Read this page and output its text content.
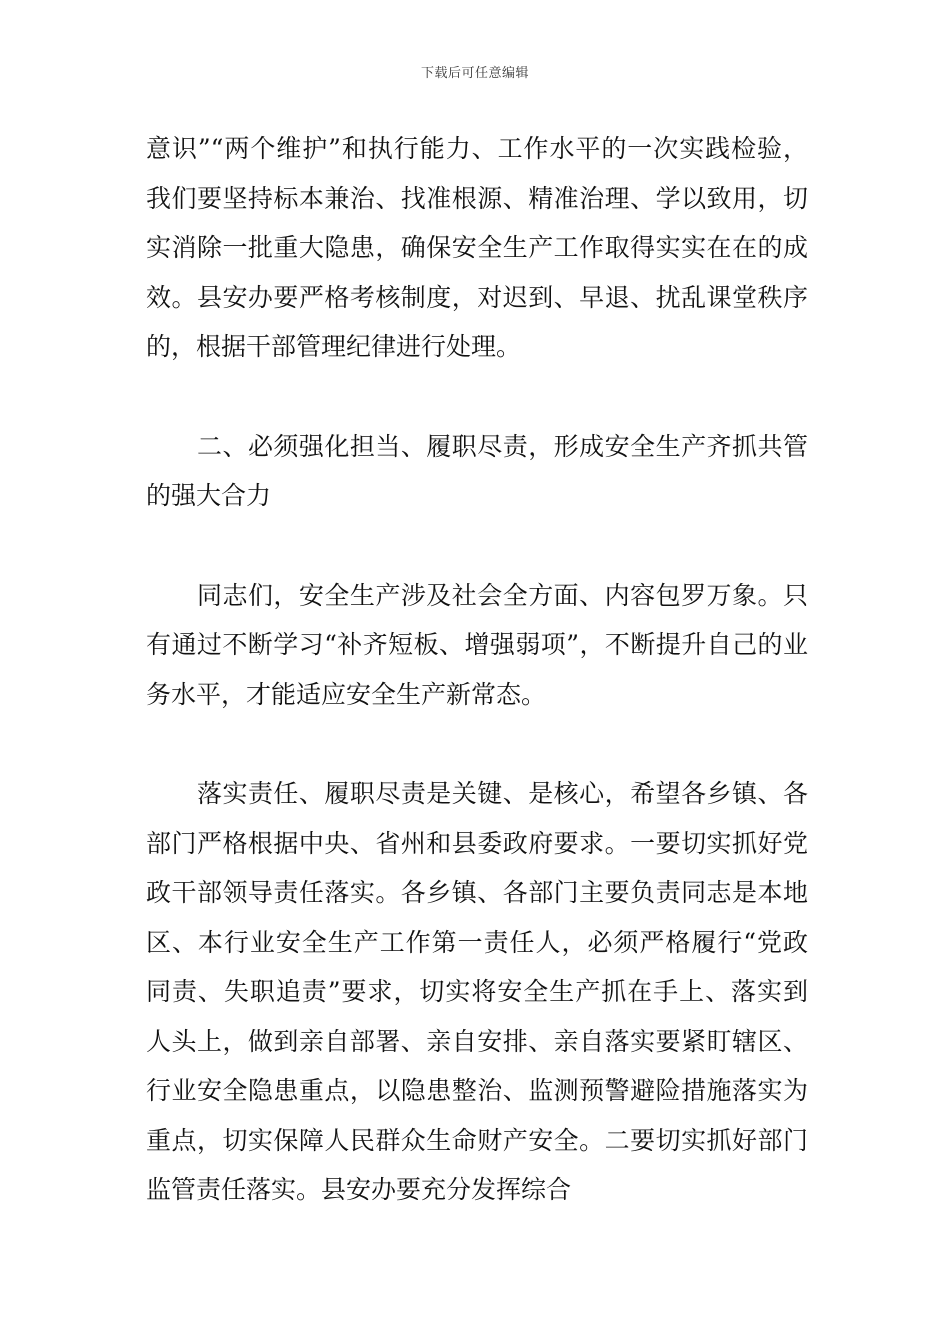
下载后可任意编辑

意识”“两个维护”和执行能力、工作水平的一次实践检验，我们要坚持标本兼治、找准根源、精准治理、学以致用，切实消除一批重大隐患，确保安全生产工作取得实实在在的成效。县安办要严格考核制度，对迟到、早退、扰乱课堂秩序的，根据干部管理纪律进行处理。

二、必须强化担当、履职尽责，形成安全生产齐抓共管的强大合力

同志们，安全生产涉及社会全方面、内容包罗万象。只有通过不断学习“补齐短板、增强弱项”，不断提升自己的业务水平，才能适应安全生产新常态。

落实责任、履职尽责是关键、是核心，希望各乡镇、各部门严格根据中央、省州和县委政府要求。一要切实抓好党政干部领导责任落实。各乡镇、各部门主要负责同志是本地区、本行业安全生产工作第一责任人，必须严格履行“党政同责、失职追责”要求，切实将安全生产抓在手上、落实到人头上，做到亲自部署、亲自安排、亲自落实要紧盯辖区、行业安全隐患重点，以隐患整治、监测预警避险措施落实为重点，切实保障人民群众生命财产安全。二要切实抓好部门监管责任落实。县安办要充分发挥综合
